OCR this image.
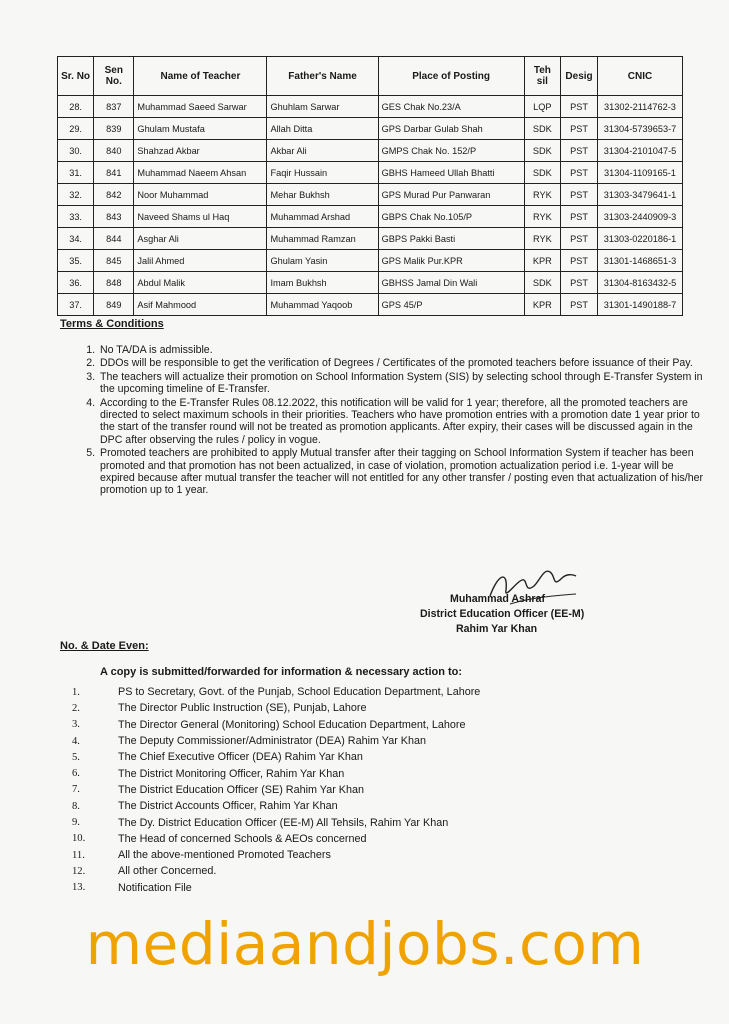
Sr. No	Sen No.	Name of Teacher	Father's Name	Place of Posting	Teh sil	Desig	CNIC
28.	837	Muhammad Saeed Sarwar	Ghuhlam Sarwar	GES Chak No.23/A	LQP	PST	31302-2114762-3
29.	839	Ghulam Mustafa	Allah Ditta	GPS Darbar Gulab Shah	SDK	PST	31304-5739653-7
30.	840	Shahzad Akbar	Akbar Ali	GMPS Chak No. 152/P	SDK	PST	31304-2101047-5
31.	841	Muhammad Naeem Ahsan	Faqir Hussain	GBHS Hameed Ullah Bhatti	SDK	PST	31304-1109165-1
32.	842	Noor Muhammad	Mehar Bukhsh	GPS Murad Pur Panwaran	RYK	PST	31303-3479641-1
33.	843	Naveed Shams ul Haq	Muhammad Arshad	GBPS Chak No.105/P	RYK	PST	31303-2440909-3
34.	844	Asghar Ali	Muhammad Ramzan	GBPS Pakki Basti	RYK	PST	31303-0220186-1
35.	845	Jalil Ahmed	Ghulam Yasin	GPS Malik Pur.KPR	KPR	PST	31301-1468651-3
36.	848	Abdul Malik	Imam Bukhsh	GBHSS Jamal Din Wali	SDK	PST	31304-8163432-5
37.	849	Asif Mahmood	Muhammad Yaqoob	GPS 45/P	KPR	PST	31301-1490188-7
Terms & Conditions
1. No TA/DA is admissible.
2. DDOs will be responsible to get the verification of Degrees / Certificates of the promoted teachers before issuance of their Pay.
3. The teachers will actualize their promotion on School Information System (SIS) by selecting school through E-Transfer System in the upcoming timeline of E-Transfer.
4. According to the E-Transfer Rules 08.12.2022, this notification will be valid for 1 year; therefore, all the promoted teachers are directed to select maximum schools in their priorities. Teachers who have promotion entries with a promotion date 1 year prior to the start of the transfer round will not be treated as promotion applicants. After expiry, their cases will be discussed again in the DPC after observing the rules / policy in vogue.
5. Promoted teachers are prohibited to apply Mutual transfer after their tagging on School Information System if teacher has been promoted and that promotion has not been actualized, in case of violation, promotion actualization period i.e. 1-year will be expired because after mutual transfer the teacher will not entitled for any other transfer / posting even that actualization of his/her promotion up to 1 year.
Muhammad Ashraf
District Education Officer (EE-M)
Rahim Yar Khan
No. & Date Even:
A copy is submitted/forwarded for information & necessary action to:
1.	PS to Secretary, Govt. of the Punjab, School Education Department, Lahore
2.	The Director Public Instruction (SE), Punjab, Lahore
3.	The Director General (Monitoring) School Education Department, Lahore
4.	The Deputy Commissioner/Administrator (DEA) Rahim Yar Khan
5.	The Chief Executive Officer (DEA) Rahim Yar Khan
6.	The District Monitoring Officer, Rahim Yar Khan
7.	The District Education Officer (SE) Rahim Yar Khan
8.	The District Accounts Officer, Rahim Yar Khan
9.	The Dy. District Education Officer (EE-M) All Tehsils, Rahim Yar Khan
10.	The Head of concerned Schools & AEOs concerned
11.	All the above-mentioned Promoted Teachers
12.	All other Concerned.
13.	Notification File
mediaandjobs.com
